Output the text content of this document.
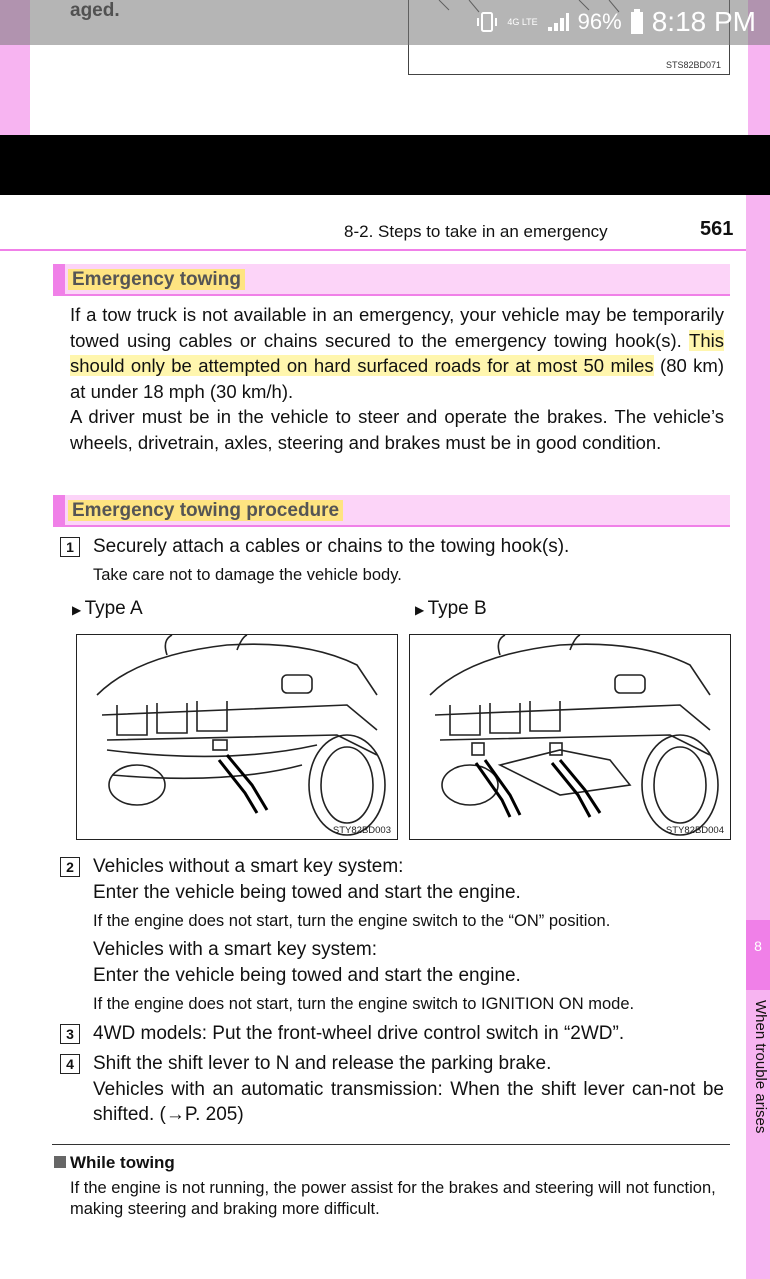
STS82BD071
4G LTE 96% 8:18 PM
8
When trouble arises
8-2. Steps to take in an emergency	561
Emergency towing
If a tow truck is not available in an emergency, your vehicle may be temporarily towed using cables or chains secured to the emergency towing hook(s). This should only be attempted on hard surfaced roads for at most 50 miles (80 km) at under 18 mph (30 km/h).
A driver must be in the vehicle to steer and operate the brakes. The vehicle’s wheels, drivetrain, axles, steering and brakes must be in good condition.
Emergency towing procedure
1	Securely attach a cables or chains to the towing hook(s).
Take care not to damage the vehicle body.
▶ Type A	▶ Type B
STY82BD003	STY82BD004
2	Vehicles without a smart key system:
Enter the vehicle being towed and start the engine.
If the engine does not start, turn the engine switch to the “ON” position.
Vehicles with a smart key system:
Enter the vehicle being towed and start the engine.
If the engine does not start, turn the engine switch to IGNITION ON mode.
3	4WD models: Put the front-wheel drive control switch in “2WD”.
4	Shift the shift lever to N and release the parking brake.
Vehicles with an automatic transmission: When the shift lever can-not be shifted. (→P. 205)
While towing
If the engine is not running, the power assist for the brakes and steering will not function, making steering and braking more difficult.
